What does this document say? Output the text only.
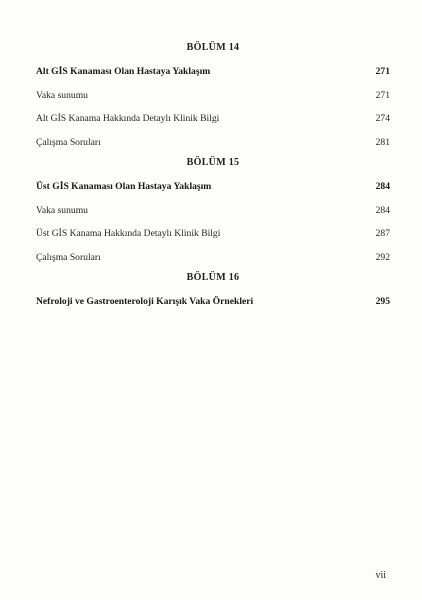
BÖLÜM 14
Alt GİS Kanaması Olan Hastaya Yaklaşım	271
Vaka sunumu	271
Alt GİS Kanama Hakkında Detaylı Klinik Bilgi	274
Çalışma Soruları	281
BÖLÜM 15
Üst GİS Kanaması Olan Hastaya Yaklaşım	284
Vaka sunumu	284
Üst GİS Kanama Hakkında Detaylı Klinik Bilgi	287
Çalışma Soruları	292
BÖLÜM 16
Nefroloji ve Gastroenteroloji Karışık Vaka Örnekleri	295
vii
